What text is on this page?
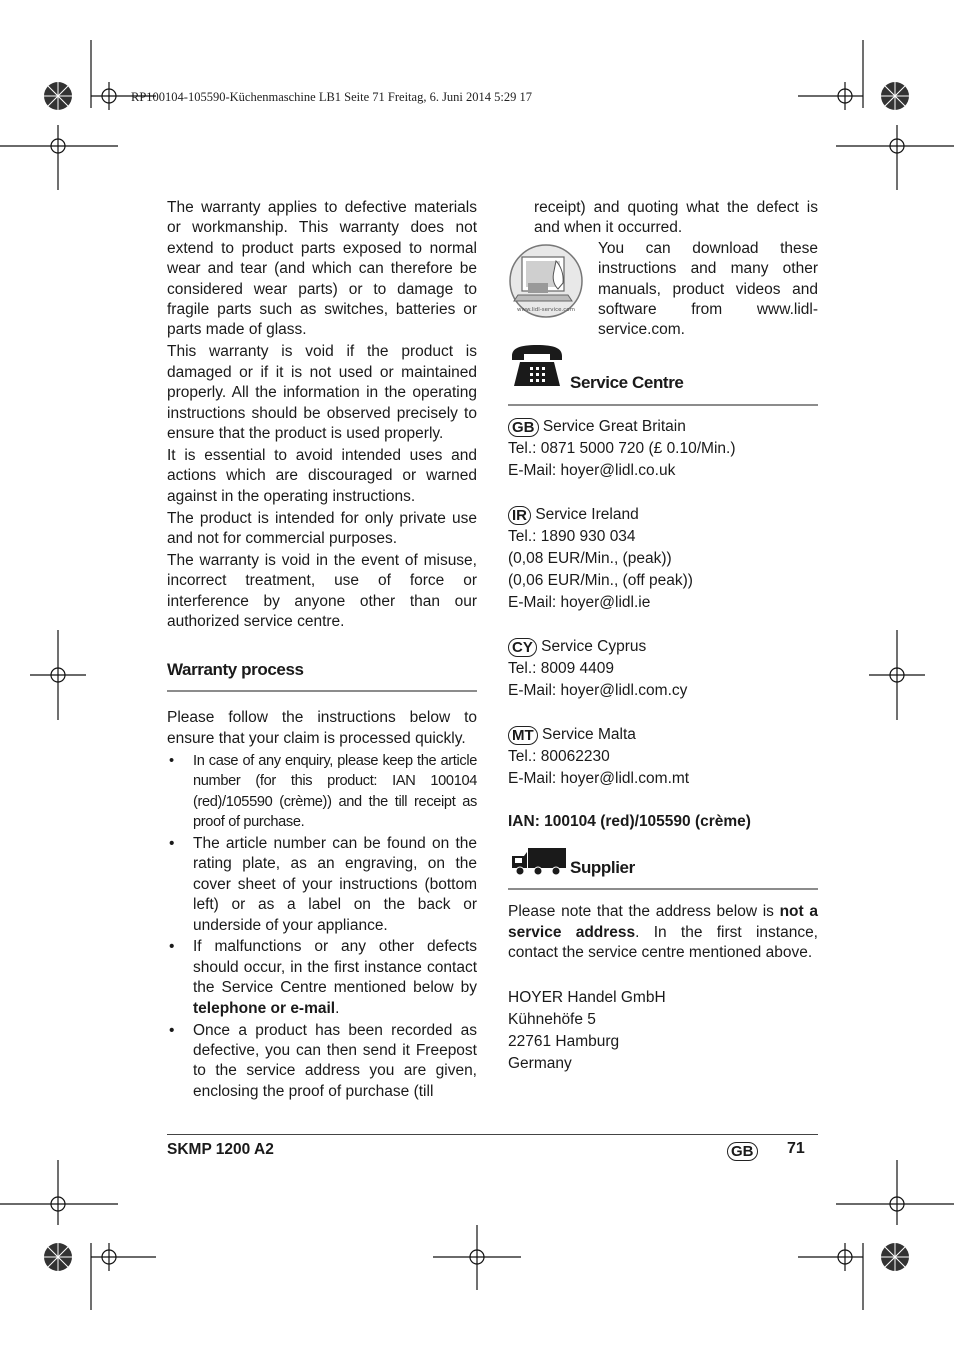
RP100104-105590-Küchenmaschine LB1 Seite 71 Freitag, 6. Juni 2014 5:29 17

The warranty applies to defective materials or workmanship. This warranty does not extend to product parts exposed to normal wear and tear (and which can therefore be considered wear parts) or to damage to fragile parts such as switches, batteries or parts made of glass.

This warranty is void if the product is damaged or if it is not used or maintained properly. All the information in the operating instructions should be observed precisely to ensure that the product is used properly.

It is essential to avoid intended uses and actions which are discouraged or warned against in the operating instructions.

The product is intended for only private use and not for commercial purposes.

The warranty is void in the event of misuse, incorrect treatment, use of force or interference by anyone other than our authorized service centre.

Warranty process

Please follow the instructions below to ensure that your claim is processed quickly.

• In case of any enquiry, please keep the article number (for this product: IAN 100104 (red)/105590 (crème)) and the till receipt as proof of purchase.
• The article number can be found on the rating plate, as an engraving, on the cover sheet of your instructions (bottom left) or as a label on the back or underside of your appliance.
• If malfunctions or any other defects should occur, in the first instance contact the Service Centre mentioned below by telephone or e-mail.
• Once a product has been recorded as defective, you can then send it Freepost to the service address you are given, enclosing the proof of purchase (till

receipt) and quoting what the defect is and when it occurred.

www.lidl-service.com

You can download these instructions and many other manuals, product videos and software from www.lidl-service.com.

Service Centre

GB Service Great Britain

Tel.: 0871 5000 720 (£ 0.10/Min.)

E-Mail: hoyer@lidl.co.uk

IR Service Ireland

Tel.: 1890 930 034

(0,08 EUR/Min., (peak))

(0,06 EUR/Min., (off peak))

E-Mail: hoyer@lidl.ie

CY Service Cyprus

Tel.: 8009 4409

E-Mail: hoyer@lidl.com.cy

MT Service Malta

Tel.: 80062230

E-Mail: hoyer@lidl.com.mt

IAN: 100104 (red)/105590 (crème)

Supplier

Please note that the address below is not a service address. In the first instance, contact the service centre mentioned above.

HOYER Handel GmbH

Kühnehöfe 5

22761 Hamburg

Germany

SKMP 1200 A2	GB 71
